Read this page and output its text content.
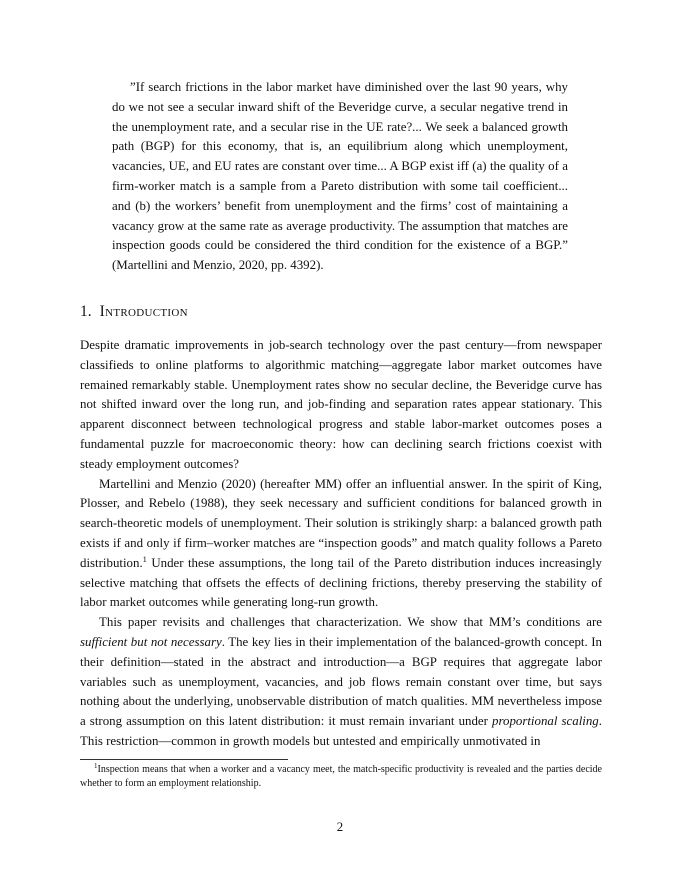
”If search frictions in the labor market have diminished over the last 90 years, why do we not see a secular inward shift of the Beveridge curve, a secular negative trend in the unemployment rate, and a secular rise in the UE rate?... We seek a balanced growth path (BGP) for this economy, that is, an equilibrium along which unemployment, vacancies, UE, and EU rates are constant over time... A BGP exist iff (a) the quality of a firm-worker match is a sample from a Pareto distribution with some tail coefficient... and (b) the workers’ benefit from unemployment and the firms’ cost of maintaining a vacancy grow at the same rate as average productivity. The assumption that matches are inspection goods could be considered the third condition for the existence of a BGP.” (Martellini and Menzio, 2020, pp. 4392).

1. Introduction

Despite dramatic improvements in job-search technology over the past century—from newspaper classifieds to online platforms to algorithmic matching—aggregate labor market outcomes have remained remarkably stable. Unemployment rates show no secular decline, the Beveridge curve has not shifted inward over the long run, and job-finding and separation rates appear stationary. This apparent disconnect between technological progress and stable labor-market outcomes poses a fundamental puzzle for macroeconomic theory: how can declining search frictions coexist with steady employment outcomes?

Martellini and Menzio (2020) (hereafter MM) offer an influential answer. In the spirit of King, Plosser, and Rebelo (1988), they seek necessary and sufficient conditions for balanced growth in search-theoretic models of unemployment. Their solution is strikingly sharp: a balanced growth path exists if and only if firm–worker matches are “inspection goods” and match quality follows a Pareto distribution.$^1$ Under these assumptions, the long tail of the Pareto distribution induces increasingly selective matching that offsets the effects of declining frictions, thereby preserving the stability of labor market outcomes while generating long-run growth.

This paper revisits and challenges that characterization. We show that MM’s conditions are sufficient but not necessary. The key lies in their implementation of the balanced-growth concept. In their definition—stated in the abstract and introduction—a BGP requires that aggregate labor variables such as unemployment, vacancies, and job flows remain constant over time, but says nothing about the underlying, unobservable distribution of match qualities. MM nevertheless impose a strong assumption on this latent distribution: it must remain invariant under proportional scaling. This restriction—common in growth models but untested and empirically unmotivated in

$^1$Inspection means that when a worker and a vacancy meet, the match-specific productivity is revealed and the parties decide whether to form an employment relationship.

2
